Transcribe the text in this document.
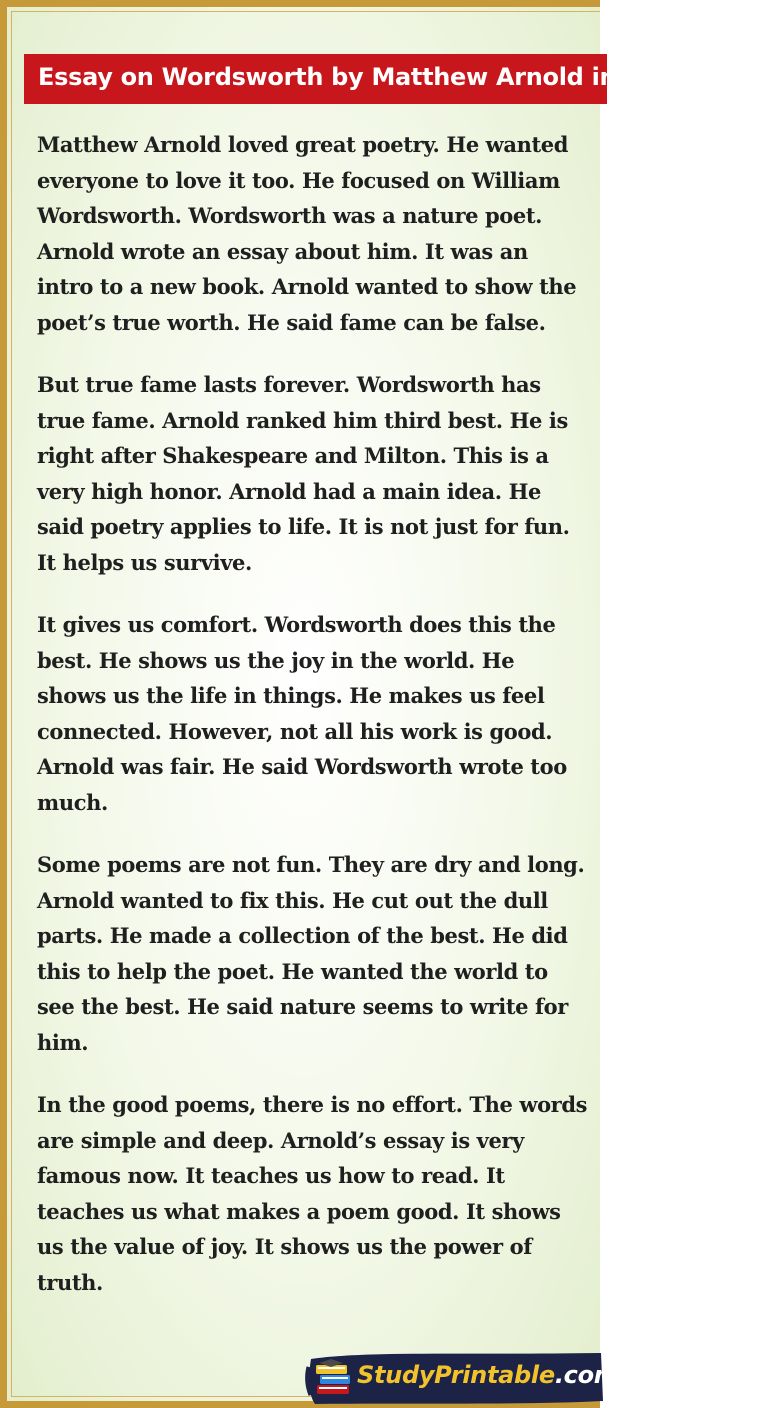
Essay on Wordsworth by Matthew Arnold in 250 Words

Matthew Arnold loved great poetry. He wanted everyone to love it too. He focused on William Wordsworth. Wordsworth was a nature poet. Arnold wrote an essay about him. It was an intro to a new book. Arnold wanted to show the poet’s true worth. He said fame can be false.

But true fame lasts forever. Wordsworth has true fame. Arnold ranked him third best. He is right after Shakespeare and Milton. This is a very high honor. Arnold had a main idea. He said poetry applies to life. It is not just for fun. It helps us survive.

It gives us comfort. Wordsworth does this the best. He shows us the joy in the world. He shows us the life in things. He makes us feel connected. However, not all his work is good. Arnold was fair. He said Wordsworth wrote too much.

Some poems are not fun. They are dry and long. Arnold wanted to fix this. He cut out the dull parts. He made a collection of the best. He did this to help the poet. He wanted the world to see the best. He said nature seems to write for him.

In the good poems, there is no effort. The words are simple and deep. Arnold’s essay is very famous now. It teaches us how to read. It teaches us what makes a poem good. It shows us the value of joy. It shows us the power of truth.

StudyPrintable.com
